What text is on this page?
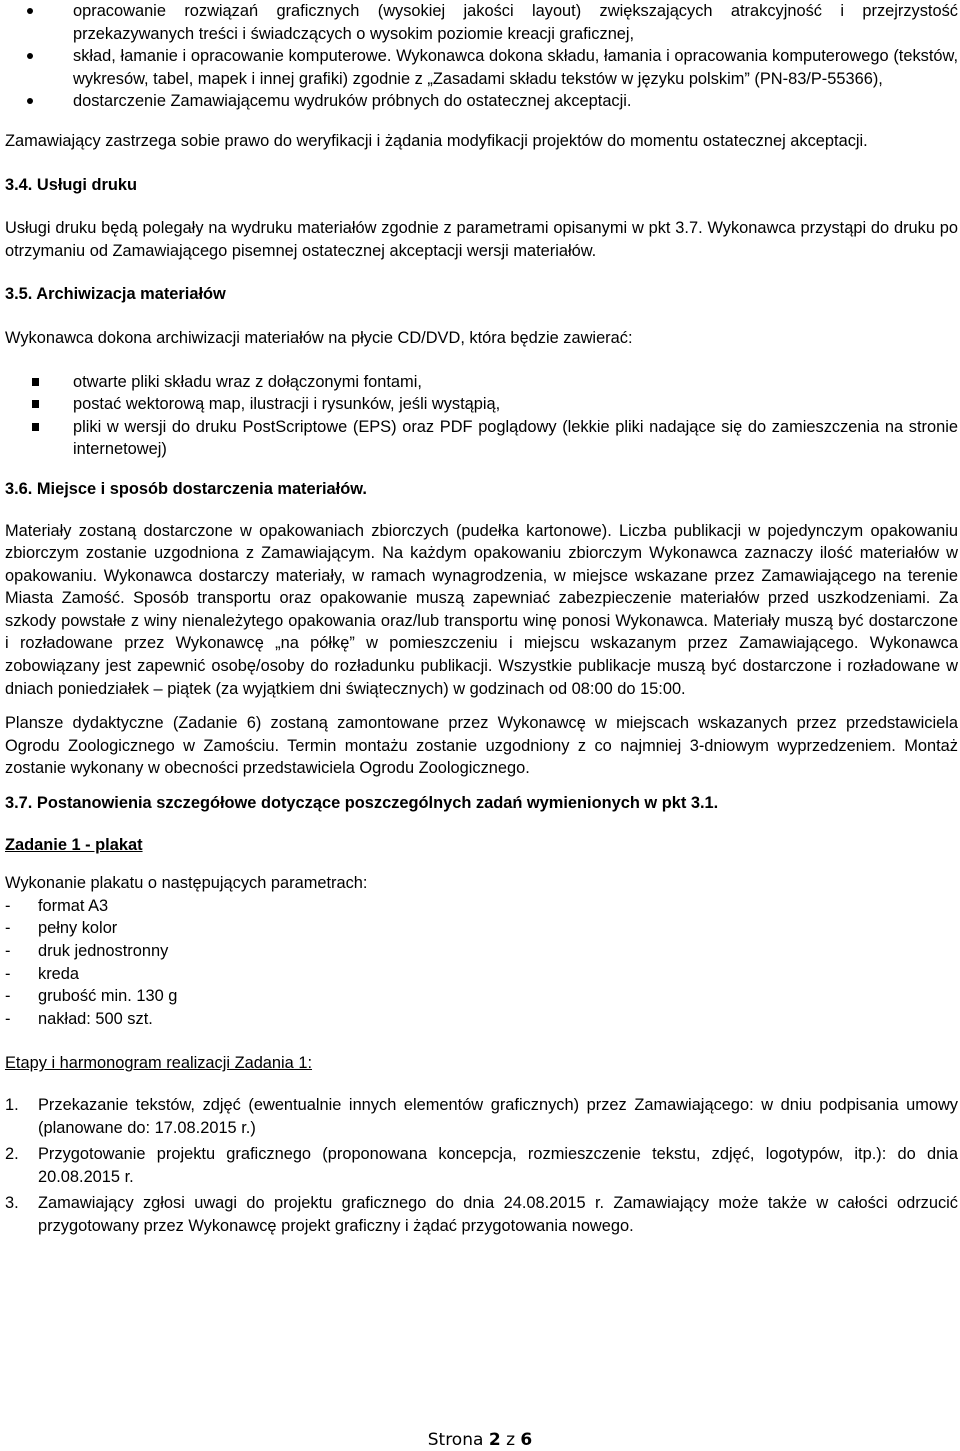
opracowanie rozwiązań graficznych (wysokiej jakości layout) zwiększających atrakcyjność i przejrzystość przekazywanych treści i świadczących o wysokim poziomie kreacji graficznej,
skład, łamanie i opracowanie komputerowe. Wykonawca dokona składu, łamania i opracowania komputerowego (tekstów, wykresów, tabel, mapek i innej grafiki) zgodnie z „Zasadami składu tekstów w języku polskim” (PN-83/P-55366),
dostarczenie Zamawiającemu wydruków próbnych do ostatecznej akceptacji.

Zamawiający zastrzega sobie prawo do weryfikacji i żądania modyfikacji projektów do momentu ostatecznej akceptacji.

3.4. Usługi druku

Usługi druku będą polegały na wydruku materiałów zgodnie z parametrami opisanymi w pkt 3.7. Wykonawca przystąpi do druku po otrzymaniu od Zamawiającego pisemnej ostatecznej akceptacji wersji materiałów.

3.5. Archiwizacja materiałów

Wykonawca dokona archiwizacji materiałów na płycie CD/DVD, która będzie zawierać:

otwarte pliki składu wraz z dołączonymi fontami,
postać wektorową map, ilustracji i rysunków, jeśli wystąpią,
pliki w wersji do druku PostScriptowe (EPS) oraz PDF poglądowy (lekkie pliki nadające się do zamieszczenia na stronie internetowej)

3.6. Miejsce i sposób dostarczenia materiałów.

Materiały zostaną dostarczone w opakowaniach zbiorczych (pudełka kartonowe). Liczba publikacji w pojedynczym opakowaniu zbiorczym zostanie uzgodniona z Zamawiającym. Na każdym opakowaniu zbiorczym Wykonawca zaznaczy ilość materiałów w opakowaniu. Wykonawca dostarczy materiały, w ramach wynagrodzenia, w miejsce wskazane przez Zamawiającego na terenie Miasta Zamość. Sposób transportu oraz opakowanie muszą zapewniać zabezpieczenie materiałów przed uszkodzeniami. Za szkody powstałe z winy nienależytego opakowania oraz/lub transportu winę ponosi Wykonawca. Materiały muszą być dostarczone i rozładowane przez Wykonawcę „na półkę” w pomieszczeniu i miejscu wskazanym przez Zamawiającego. Wykonawca zobowiązany jest zapewnić osobę/osoby do rozładunku publikacji. Wszystkie publikacje muszą być dostarczone i rozładowane w dniach poniedziałek – piątek (za wyjątkiem dni świątecznych) w godzinach od 08:00 do 15:00.

Plansze dydaktyczne (Zadanie 6) zostaną zamontowane przez Wykonawcę w miejscach wskazanych przez przedstawiciela Ogrodu Zoologicznego w Zamościu. Termin montażu zostanie uzgodniony z co najmniej 3-dniowym wyprzedzeniem. Montaż zostanie wykonany w obecności przedstawiciela Ogrodu Zoologicznego.

3.7. Postanowienia szczegółowe dotyczące poszczególnych zadań wymienionych w pkt 3.1.

Zadanie 1 - plakat

Wykonanie plakatu o następujących parametrach:

- format A3
- pełny kolor
- druk jednostronny
- kreda
- grubość min. 130 g
- nakład: 500 szt.

Etapy i harmonogram realizacji Zadania 1:

1. Przekazanie tekstów, zdjęć (ewentualnie innych elementów graficznych) przez Zamawiającego: w dniu podpisania umowy (planowane do: 17.08.2015 r.)
2. Przygotowanie projektu graficznego (proponowana koncepcja, rozmieszczenie tekstu, zdjęć, logotypów, itp.): do dnia 20.08.2015 r.
3. Zamawiający zgłosi uwagi do projektu graficznego do dnia 24.08.2015 r. Zamawiający może także w całości odrzucić przygotowany przez Wykonawcę projekt graficzny i żądać przygotowania nowego.
Strona 2 z 6
